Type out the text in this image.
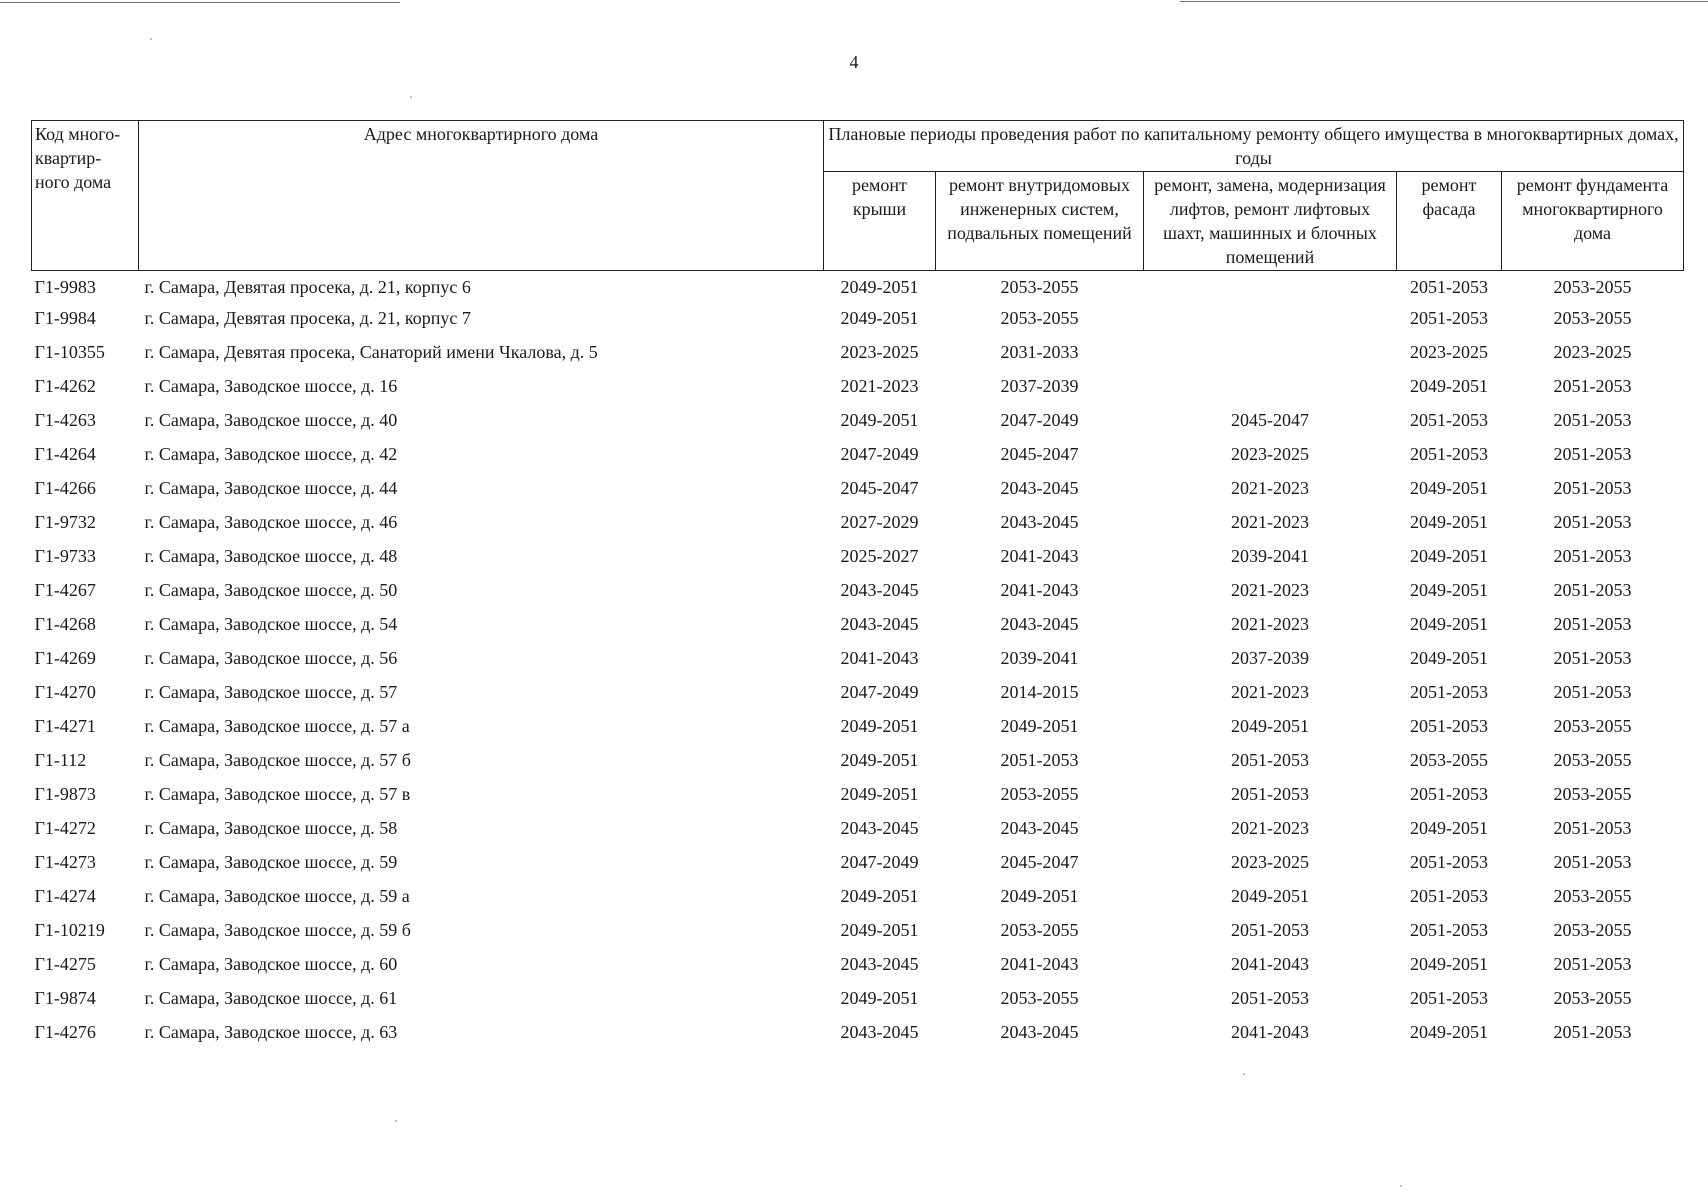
4
Код много-квартир-ного дома	Адрес многоквартирного дома	Плановые периоды проведения работ по капитальному ремонту общего имущества в многоквартирных домах, годы				
		ремонт крыши	ремонт внутридомовых инженерных систем, подвальных помещений	ремонт, замена, модернизация лифтов, ремонт лифтовых шахт, машинных и блочных помещений	ремонт фасада	ремонт фундамента многоквартирного дома
Г1-9983	г. Самара, Девятая просека, д. 21, корпус 6	2049-2051	2053-2055		2051-2053	2053-2055
Г1-9984	г. Самара, Девятая просека, д. 21, корпус 7	2049-2051	2053-2055		2051-2053	2053-2055
Г1-10355	г. Самара, Девятая просека, Санаторий имени Чкалова, д. 5	2023-2025	2031-2033		2023-2025	2023-2025
Г1-4262	г. Самара, Заводское шоссе, д. 16	2021-2023	2037-2039		2049-2051	2051-2053
Г1-4263	г. Самара, Заводское шоссе, д. 40	2049-2051	2047-2049	2045-2047	2051-2053	2051-2053
Г1-4264	г. Самара, Заводское шоссе, д. 42	2047-2049	2045-2047	2023-2025	2051-2053	2051-2053
Г1-4266	г. Самара, Заводское шоссе, д. 44	2045-2047	2043-2045	2021-2023	2049-2051	2051-2053
Г1-9732	г. Самара, Заводское шоссе, д. 46	2027-2029	2043-2045	2021-2023	2049-2051	2051-2053
Г1-9733	г. Самара, Заводское шоссе, д. 48	2025-2027	2041-2043	2039-2041	2049-2051	2051-2053
Г1-4267	г. Самара, Заводское шоссе, д. 50	2043-2045	2041-2043	2021-2023	2049-2051	2051-2053
Г1-4268	г. Самара, Заводское шоссе, д. 54	2043-2045	2043-2045	2021-2023	2049-2051	2051-2053
Г1-4269	г. Самара, Заводское шоссе, д. 56	2041-2043	2039-2041	2037-2039	2049-2051	2051-2053
Г1-4270	г. Самара, Заводское шоссе, д. 57	2047-2049	2014-2015	2021-2023	2051-2053	2051-2053
Г1-4271	г. Самара, Заводское шоссе, д. 57 а	2049-2051	2049-2051	2049-2051	2051-2053	2053-2055
Г1-112	г. Самара, Заводское шоссе, д. 57 б	2049-2051	2051-2053	2051-2053	2053-2055	2053-2055
Г1-9873	г. Самара, Заводское шоссе, д. 57 в	2049-2051	2053-2055	2051-2053	2051-2053	2053-2055
Г1-4272	г. Самара, Заводское шоссе, д. 58	2043-2045	2043-2045	2021-2023	2049-2051	2051-2053
Г1-4273	г. Самара, Заводское шоссе, д. 59	2047-2049	2045-2047	2023-2025	2051-2053	2051-2053
Г1-4274	г. Самара, Заводское шоссе, д. 59 а	2049-2051	2049-2051	2049-2051	2051-2053	2053-2055
Г1-10219	г. Самара, Заводское шоссе, д. 59 б	2049-2051	2053-2055	2051-2053	2051-2053	2053-2055
Г1-4275	г. Самара, Заводское шоссе, д. 60	2043-2045	2041-2043	2041-2043	2049-2051	2051-2053
Г1-9874	г. Самара, Заводское шоссе, д. 61	2049-2051	2053-2055	2051-2053	2051-2053	2053-2055
Г1-4276	г. Самара, Заводское шоссе, д. 63	2043-2045	2043-2045	2041-2043	2049-2051	2051-2053
